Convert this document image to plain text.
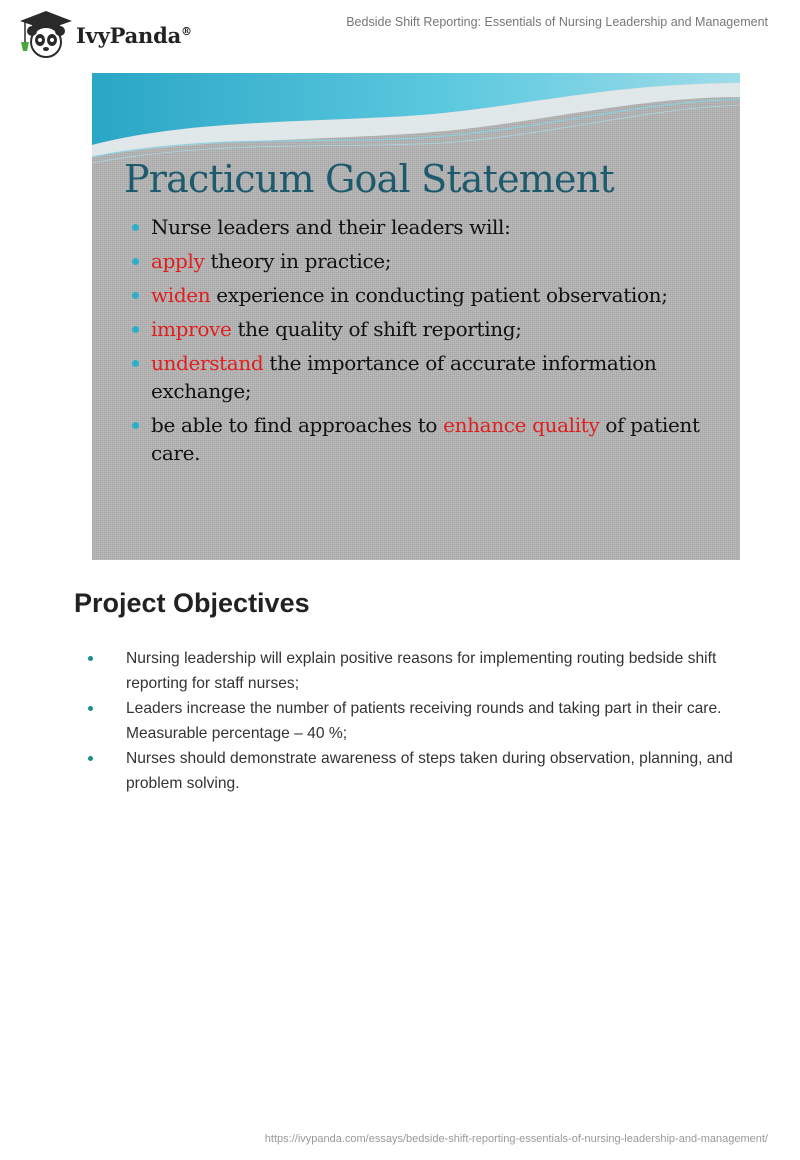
IvyPanda®
Bedside Shift Reporting: Essentials of Nursing Leadership and Management
Practicum Goal Statement
Nurse leaders and their leaders will:
apply theory in practice;
widen experience in conducting patient observation;
improve the quality of shift reporting;
understand the importance of accurate information exchange;
be able to find approaches to enhance quality of patient care.
Project Objectives
Nursing leadership will explain positive reasons for implementing routing bedside shift reporting for staff nurses;
Leaders increase the number of patients receiving rounds and taking part in their care. Measurable percentage – 40 %;
Nurses should demonstrate awareness of steps taken during observation, planning, and problem solving.
https://ivypanda.com/essays/bedside-shift-reporting-essentials-of-nursing-leadership-and-management/
